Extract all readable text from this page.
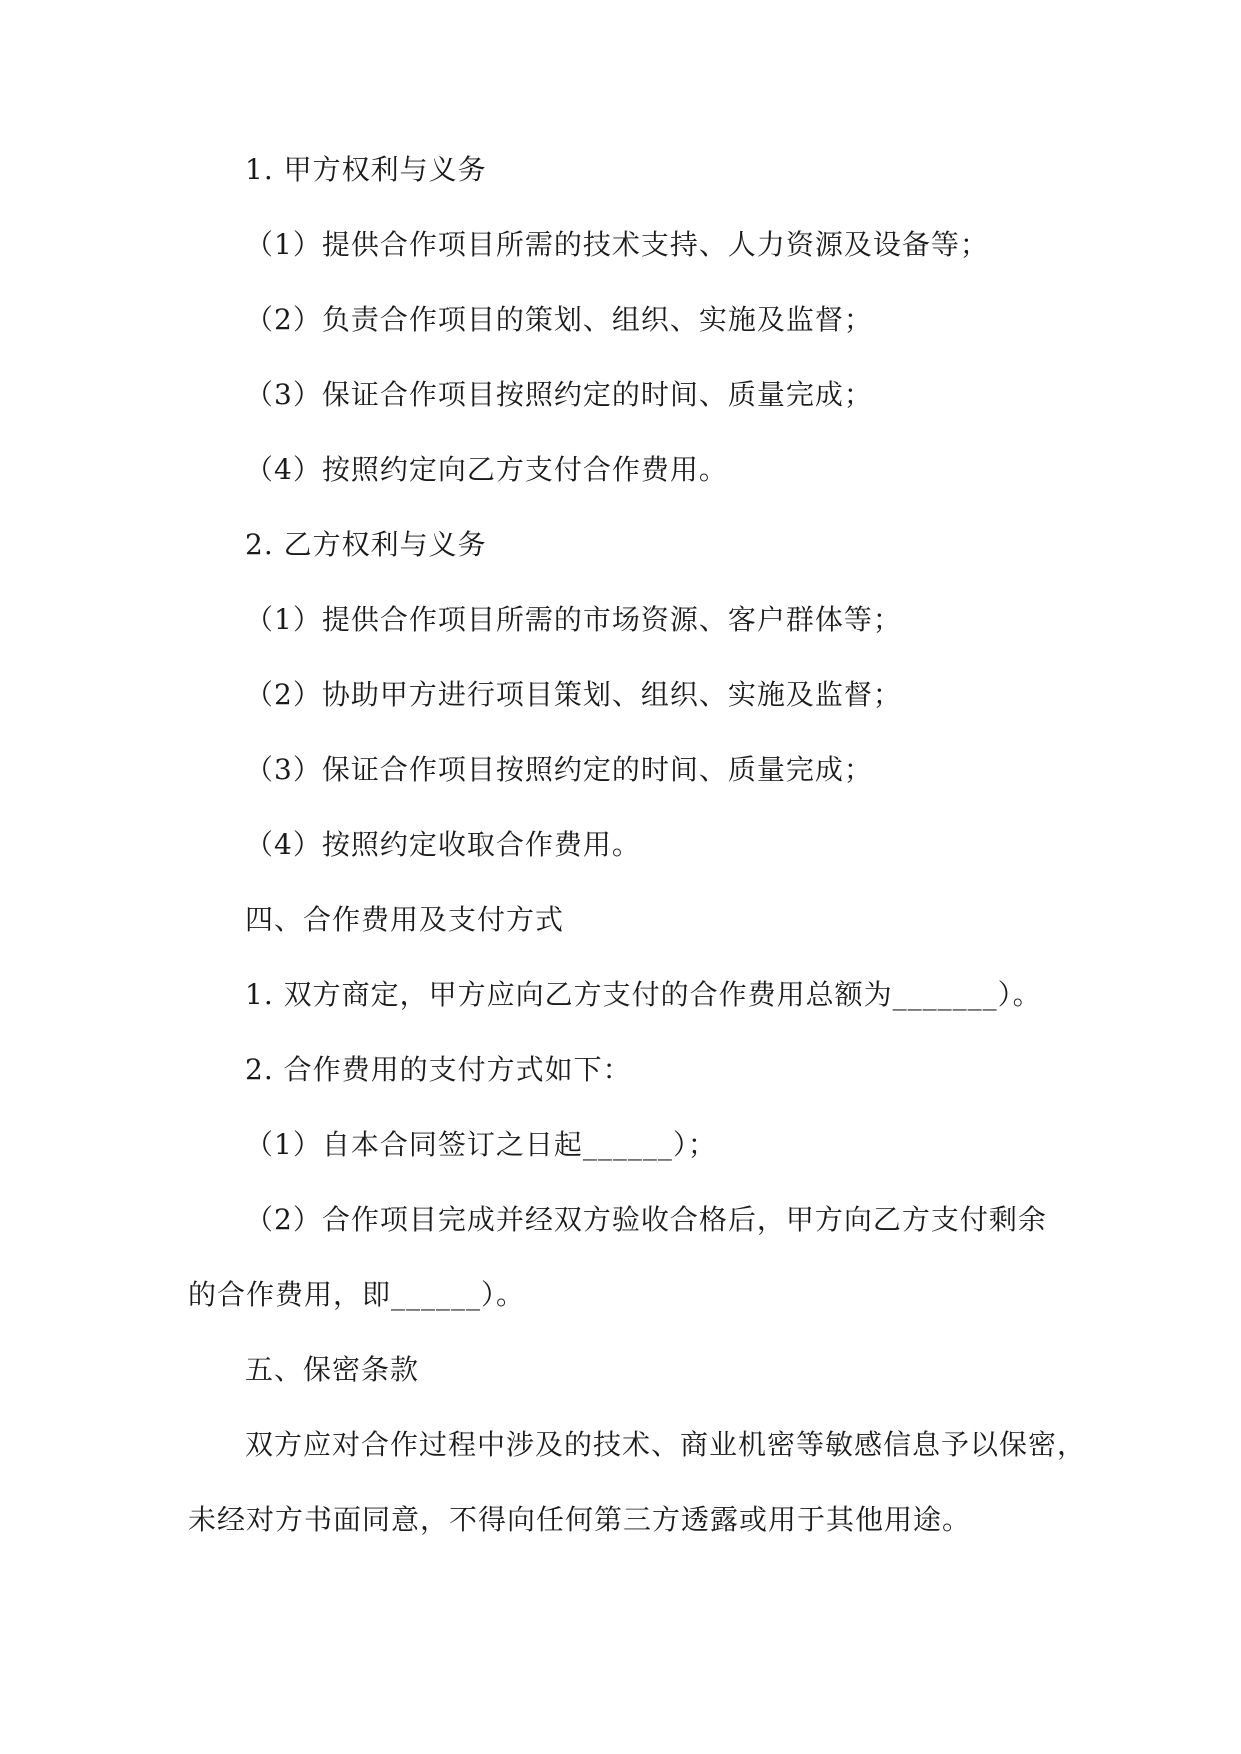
1. 甲方权利与义务
（1）提供合作项目所需的技术支持、人力资源及设备等；
（2）负责合作项目的策划、组织、实施及监督；
（3）保证合作项目按照约定的时间、质量完成；
（4）按照约定向乙方支付合作费用。
2. 乙方权利与义务
（1）提供合作项目所需的市场资源、客户群体等；
（2）协助甲方进行项目策划、组织、实施及监督；
（3）保证合作项目按照约定的时间、质量完成；
（4）按照约定收取合作费用。
四、合作费用及支付方式
1. 双方商定，甲方应向乙方支付的合作费用总额为_______）。
2. 合作费用的支付方式如下：
（1）自本合同签订之日起______）；
（2）合作项目完成并经双方验收合格后，甲方向乙方支付剩余
的合作费用，即______）。
五、保密条款
双方应对合作过程中涉及的技术、商业机密等敏感信息予以保密，
未经对方书面同意，不得向任何第三方透露或用于其他用途。
